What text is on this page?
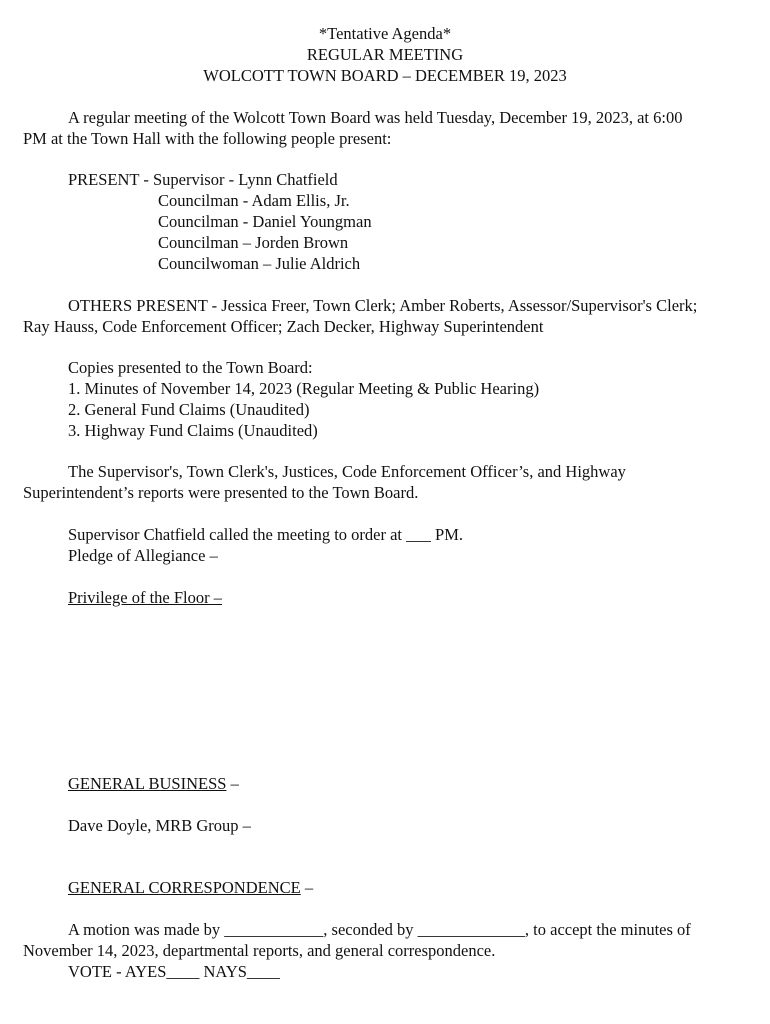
*Tentative Agenda*
REGULAR MEETING
WOLCOTT TOWN BOARD – DECEMBER 19, 2023
A regular meeting of the Wolcott Town Board was held Tuesday, December 19, 2023, at 6:00
PM at the Town Hall with the following people present:
PRESENT - Supervisor - Lynn Chatfield
Councilman - Adam Ellis, Jr.
Councilman - Daniel Youngman
Councilman – Jorden Brown
Councilwoman – Julie Aldrich
OTHERS PRESENT - Jessica Freer, Town Clerk; Amber Roberts, Assessor/Supervisor's Clerk;
Ray Hauss, Code Enforcement Officer; Zach Decker, Highway Superintendent
Copies presented to the Town Board:
1. Minutes of November 14, 2023 (Regular Meeting & Public Hearing)
2. General Fund Claims (Unaudited)
3. Highway Fund Claims (Unaudited)
The Supervisor's, Town Clerk's, Justices, Code Enforcement Officer’s, and Highway
Superintendent’s reports were presented to the Town Board.
Supervisor Chatfield called the meeting to order at ___ PM.
Pledge of Allegiance –
Privilege of the Floor –
GENERAL BUSINESS –
Dave Doyle, MRB Group –
GENERAL CORRESPONDENCE –
A motion was made by ____________, seconded by _____________, to accept the minutes of
November 14, 2023, departmental reports, and general correspondence.
VOTE - AYES____ NAYS____
